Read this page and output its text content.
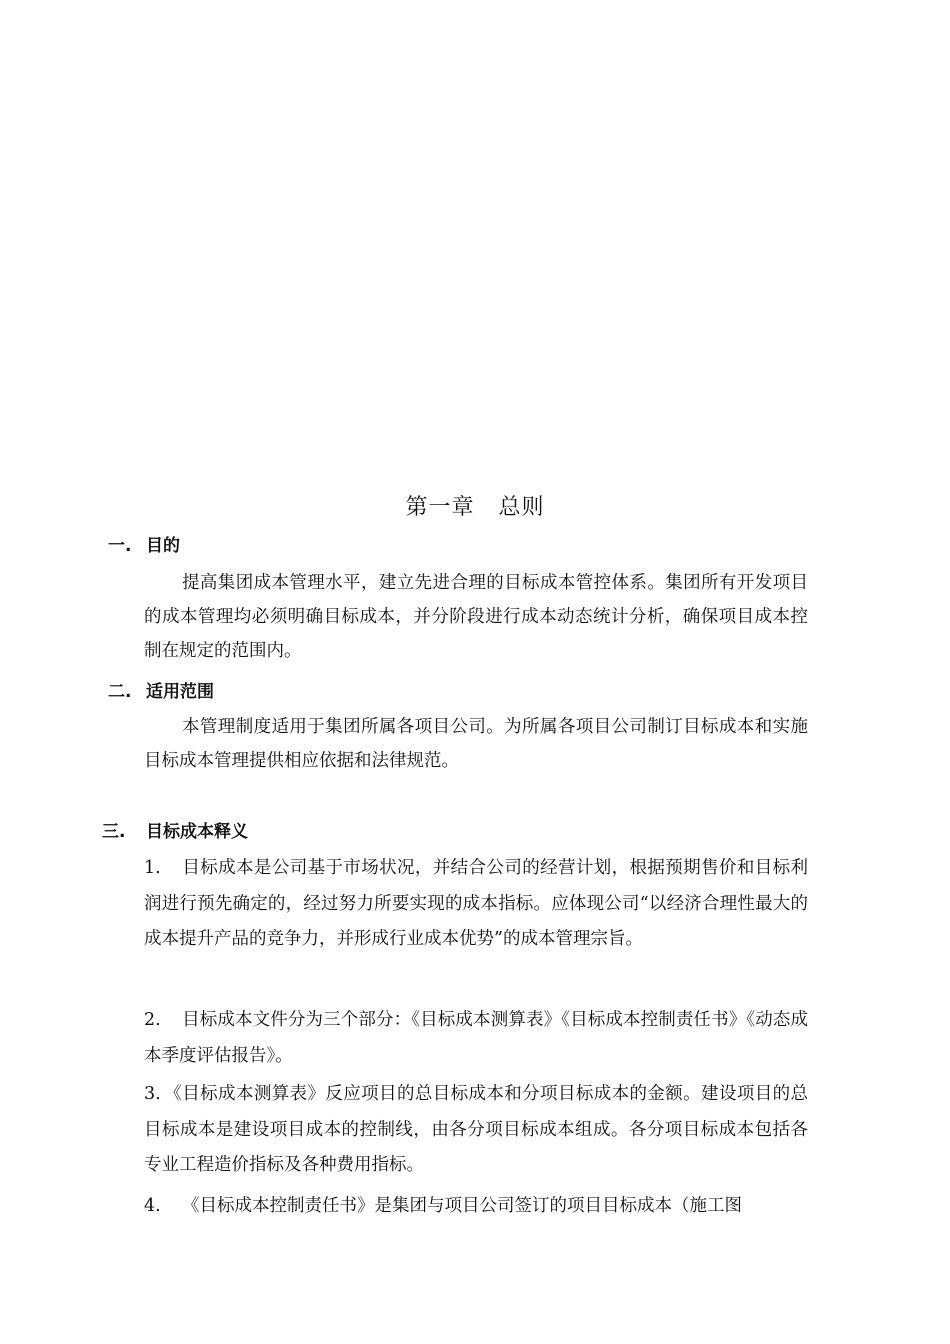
第一章 总则
一. 目的
提高集团成本管理水平，建立先进合理的目标成本管控体系。集团所有开发项目的成本管理均必须明确目标成本，并分阶段进行成本动态统计分析，确保项目成本控制在规定的范围内。
二. 适用范围
本管理制度适用于集团所属各项目公司。为所属各项目公司制订目标成本和实施目标成本管理提供相应依据和法律规范。
三. 目标成本释义
1. 目标成本是公司基于市场状况，并结合公司的经营计划，根据预期售价和目标利润进行预先确定的，经过努力所要实现的成本指标。应体现公司“以经济合理性最大的成本提升产品的竞争力，并形成行业成本优势”的成本管理宗旨。
2. 目标成本文件分为三个部分：《目标成本测算表》《目标成本控制责任书》《动态成本季度评估报告》。
3. 《目标成本测算表》反应项目的总目标成本和分项目标成本的金额。建设项目的总目标成本是建设项目成本的控制线，由各分项目标成本组成。各分项目标成本包括各专业工程造价指标及各种费用指标。
4. 《目标成本控制责任书》是集团与项目公司签订的项目目标成本（施工图
